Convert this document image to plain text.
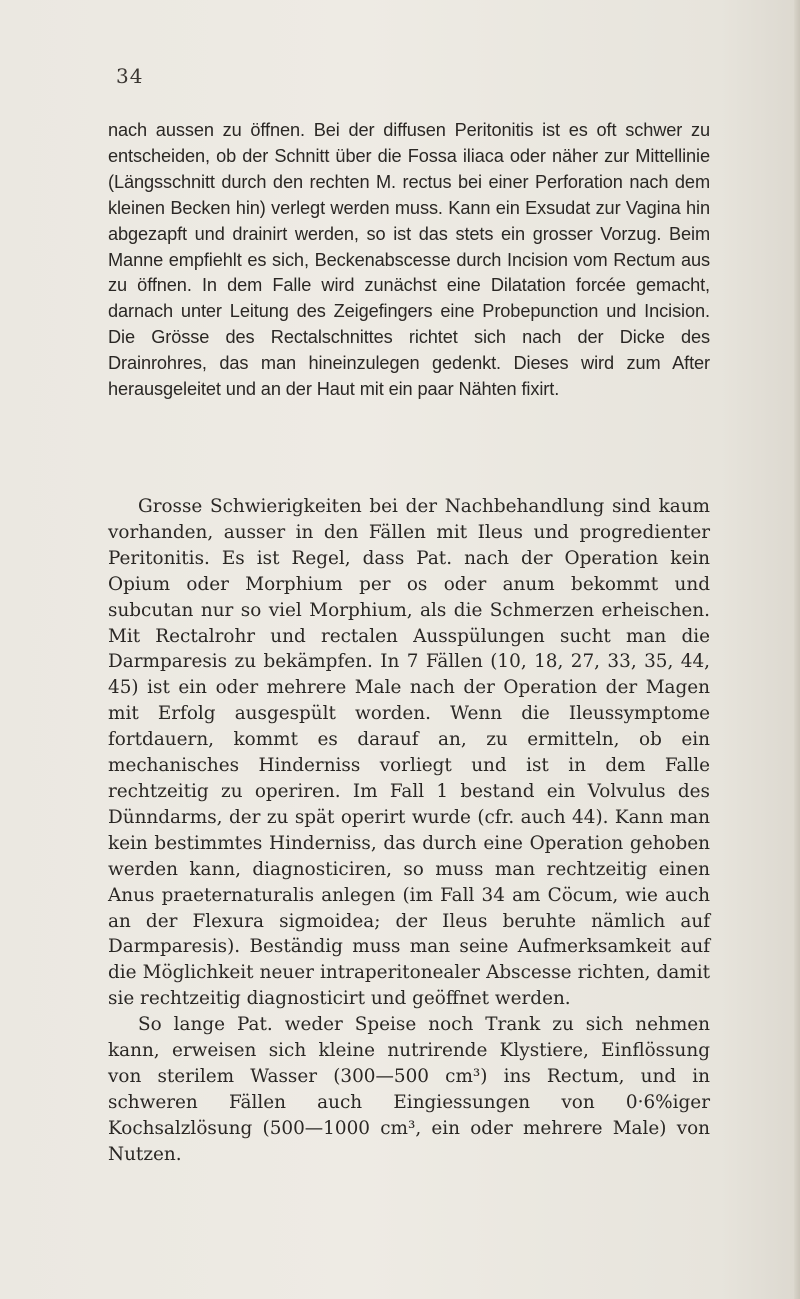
34

nach aussen zu öffnen. Bei der diffusen Peritonitis ist es oft schwer zu entscheiden, ob der Schnitt über die Fossa iliaca oder näher zur Mittellinie (Längsschnitt durch den rechten M. rectus bei einer Perforation nach dem kleinen Becken hin) verlegt werden muss. Kann ein Exsudat zur Vagina hin abgezapft und drainirt werden, so ist das stets ein grosser Vorzug. Beim Manne empfiehlt es sich, Beckenabscesse durch Incision vom Rectum aus zu öffnen. In dem Falle wird zunächst eine Dilatation forcée gemacht, darnach unter Leitung des Zeigefingers eine Probepunction und Incision. Die Grösse des Rectalschnittes richtet sich nach der Dicke des Drainrohres, das man hineinzulegen gedenkt. Dieses wird zum After herausgeleitet und an der Haut mit ein paar Nähten fixirt.

Grosse Schwierigkeiten bei der Nachbehandlung sind kaum vorhanden, ausser in den Fällen mit Ileus und progredienter Peritonitis. Es ist Regel, dass Pat. nach der Operation kein Opium oder Morphium per os oder anum bekommt und subcutan nur so viel Morphium, als die Schmerzen erheischen. Mit Rectalrohr und rectalen Ausspülungen sucht man die Darmparesis zu bekämpfen. In 7 Fällen (10, 18, 27, 33, 35, 44, 45) ist ein oder mehrere Male nach der Operation der Magen mit Erfolg ausgespült worden. Wenn die Ileussymptome fortdauern, kommt es darauf an, zu ermitteln, ob ein mechanisches Hinderniss vorliegt und ist in dem Falle rechtzeitig zu operiren. Im Fall 1 bestand ein Volvulus des Dünndarms, der zu spät operirt wurde (cfr. auch 44). Kann man kein bestimmtes Hinderniss, das durch eine Operation gehoben werden kann, diagnosticiren, so muss man rechtzeitig einen Anus praeternaturalis anlegen (im Fall 34 am Cöcum, wie auch an der Flexura sigmoidea; der Ileus beruhte nämlich auf Darmparesis). Beständig muss man seine Aufmerksamkeit auf die Möglichkeit neuer intraperitonealer Abscesse richten, damit sie rechtzeitig diagnosticirt und geöffnet werden.

So lange Pat. weder Speise noch Trank zu sich nehmen kann, erweisen sich kleine nutrirende Klystiere, Einflössung von sterilem Wasser (300—500 cm³) ins Rectum, und in schweren Fällen auch Eingiessungen von 0·6%iger Kochsalzlösung (500—1000 cm³, ein oder mehrere Male) von Nutzen.
